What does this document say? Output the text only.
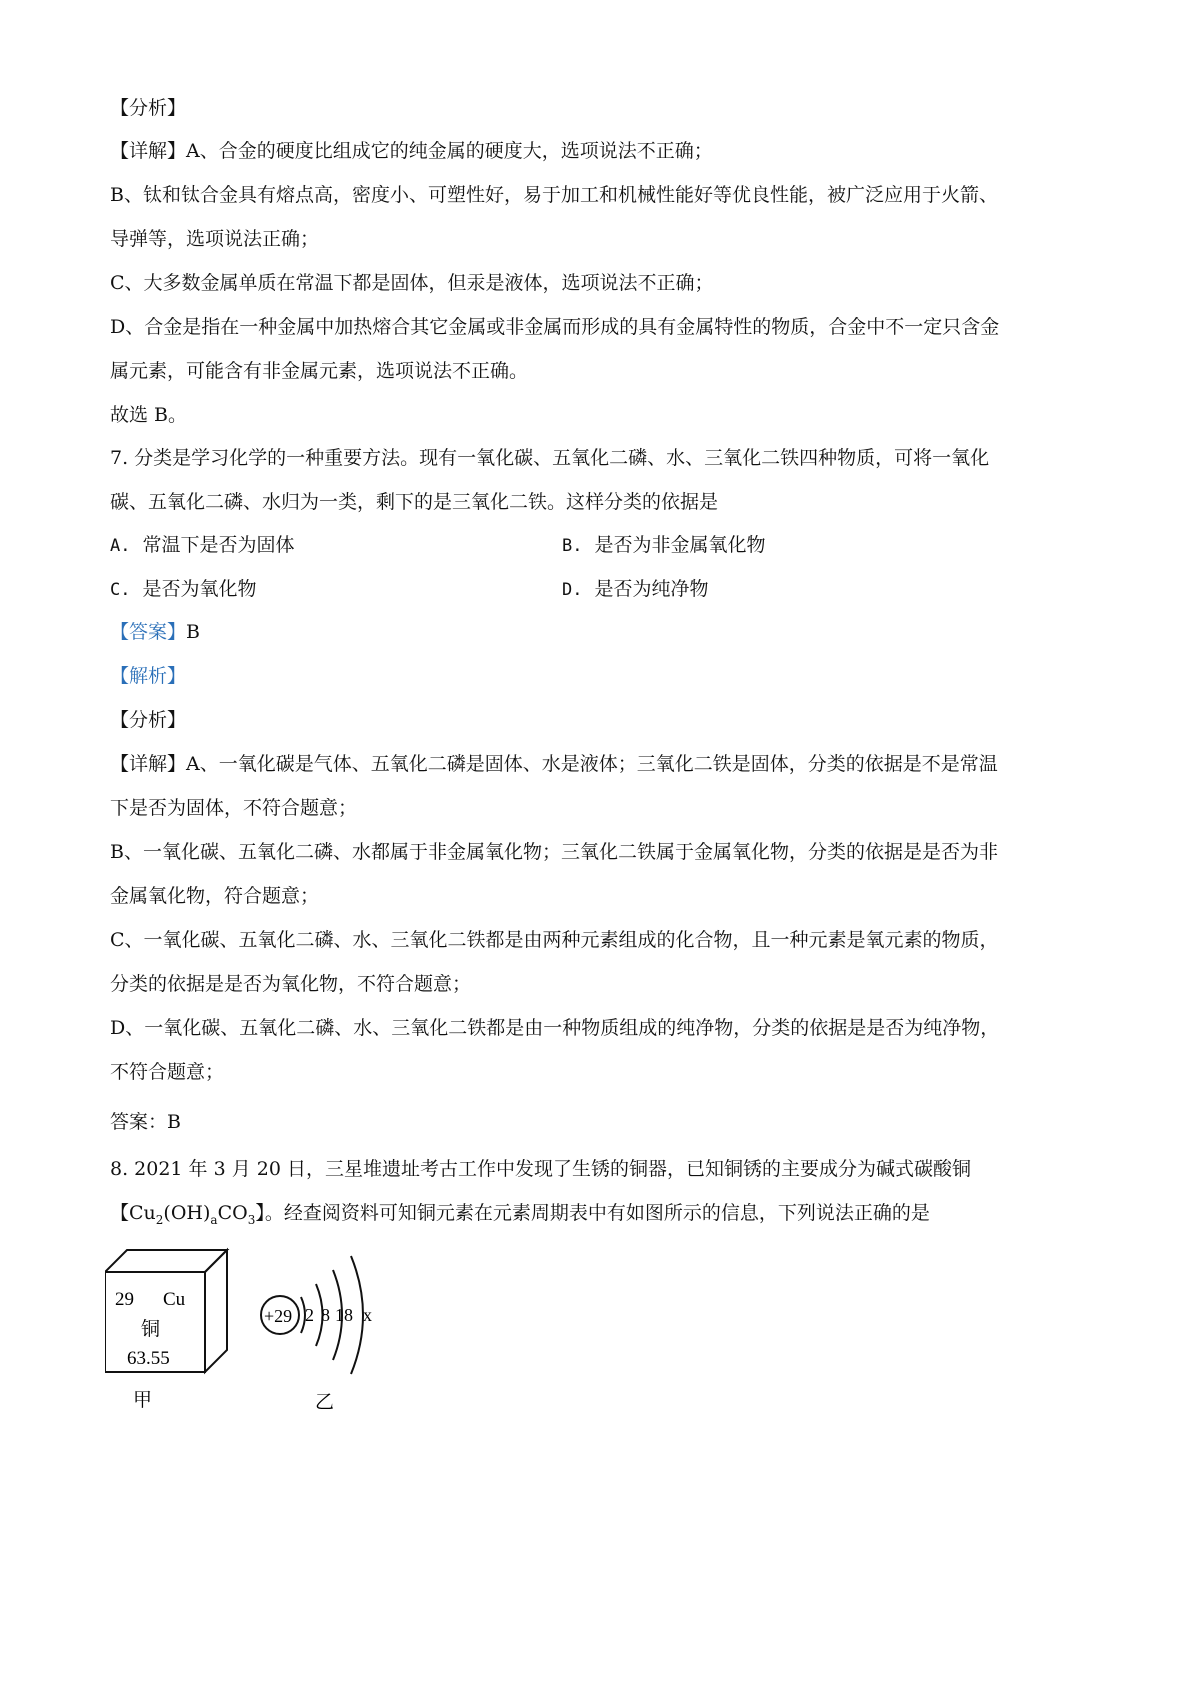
【分析】
【详解】A、合金的硬度比组成它的纯金属的硬度大，选项说法不正确；
B、钛和钛合金具有熔点高，密度小、可塑性好，易于加工和机械性能好等优良性能，被广泛应用于火箭、
导弹等，选项说法正确；
C、大多数金属单质在常温下都是固体，但汞是液体，选项说法不正确；
D、合金是指在一种金属中加热熔合其它金属或非金属而形成的具有金属特性的物质，合金中不一定只含金
属元素，可能含有非金属元素，选项说法不正确。
故选 B。
7. 分类是学习化学的一种重要方法。现有一氧化碳、五氧化二磷、水、三氧化二铁四种物质，可将一氧化
碳、五氧化二磷、水归为一类，剩下的是三氧化二铁。这样分类的依据是
A. 常温下是否为固体	B. 是否为非金属氧化物
C. 是否为氧化物	D. 是否为纯净物
【答案】B
【解析】
【分析】
【详解】A、一氧化碳是气体、五氧化二磷是固体、水是液体；三氧化二铁是固体，分类的依据是不是常温
下是否为固体，不符合题意；
B、一氧化碳、五氧化二磷、水都属于非金属氧化物；三氧化二铁属于金属氧化物，分类的依据是是否为非
金属氧化物，符合题意；
C、一氧化碳、五氧化二磷、水、三氧化二铁都是由两种元素组成的化合物，且一种元素是氧元素的物质，
分类的依据是是否为氧化物，不符合题意；
D、一氧化碳、五氧化二磷、水、三氧化二铁都是由一种物质组成的纯净物，分类的依据是是否为纯净物，
不符合题意；
答案：B
8. 2021 年 3 月 20 日，三星堆遗址考古工作中发现了生锈的铜器，已知铜锈的主要成分为碱式碳酸铜
【$Cu_2(OH)_aCO_3$】。经查阅资料可知铜元素在元素周期表中有如图所示的信息，下列说法正确的是
29 Cu
铜
63.55
甲
+29 2 8 18 x
乙
